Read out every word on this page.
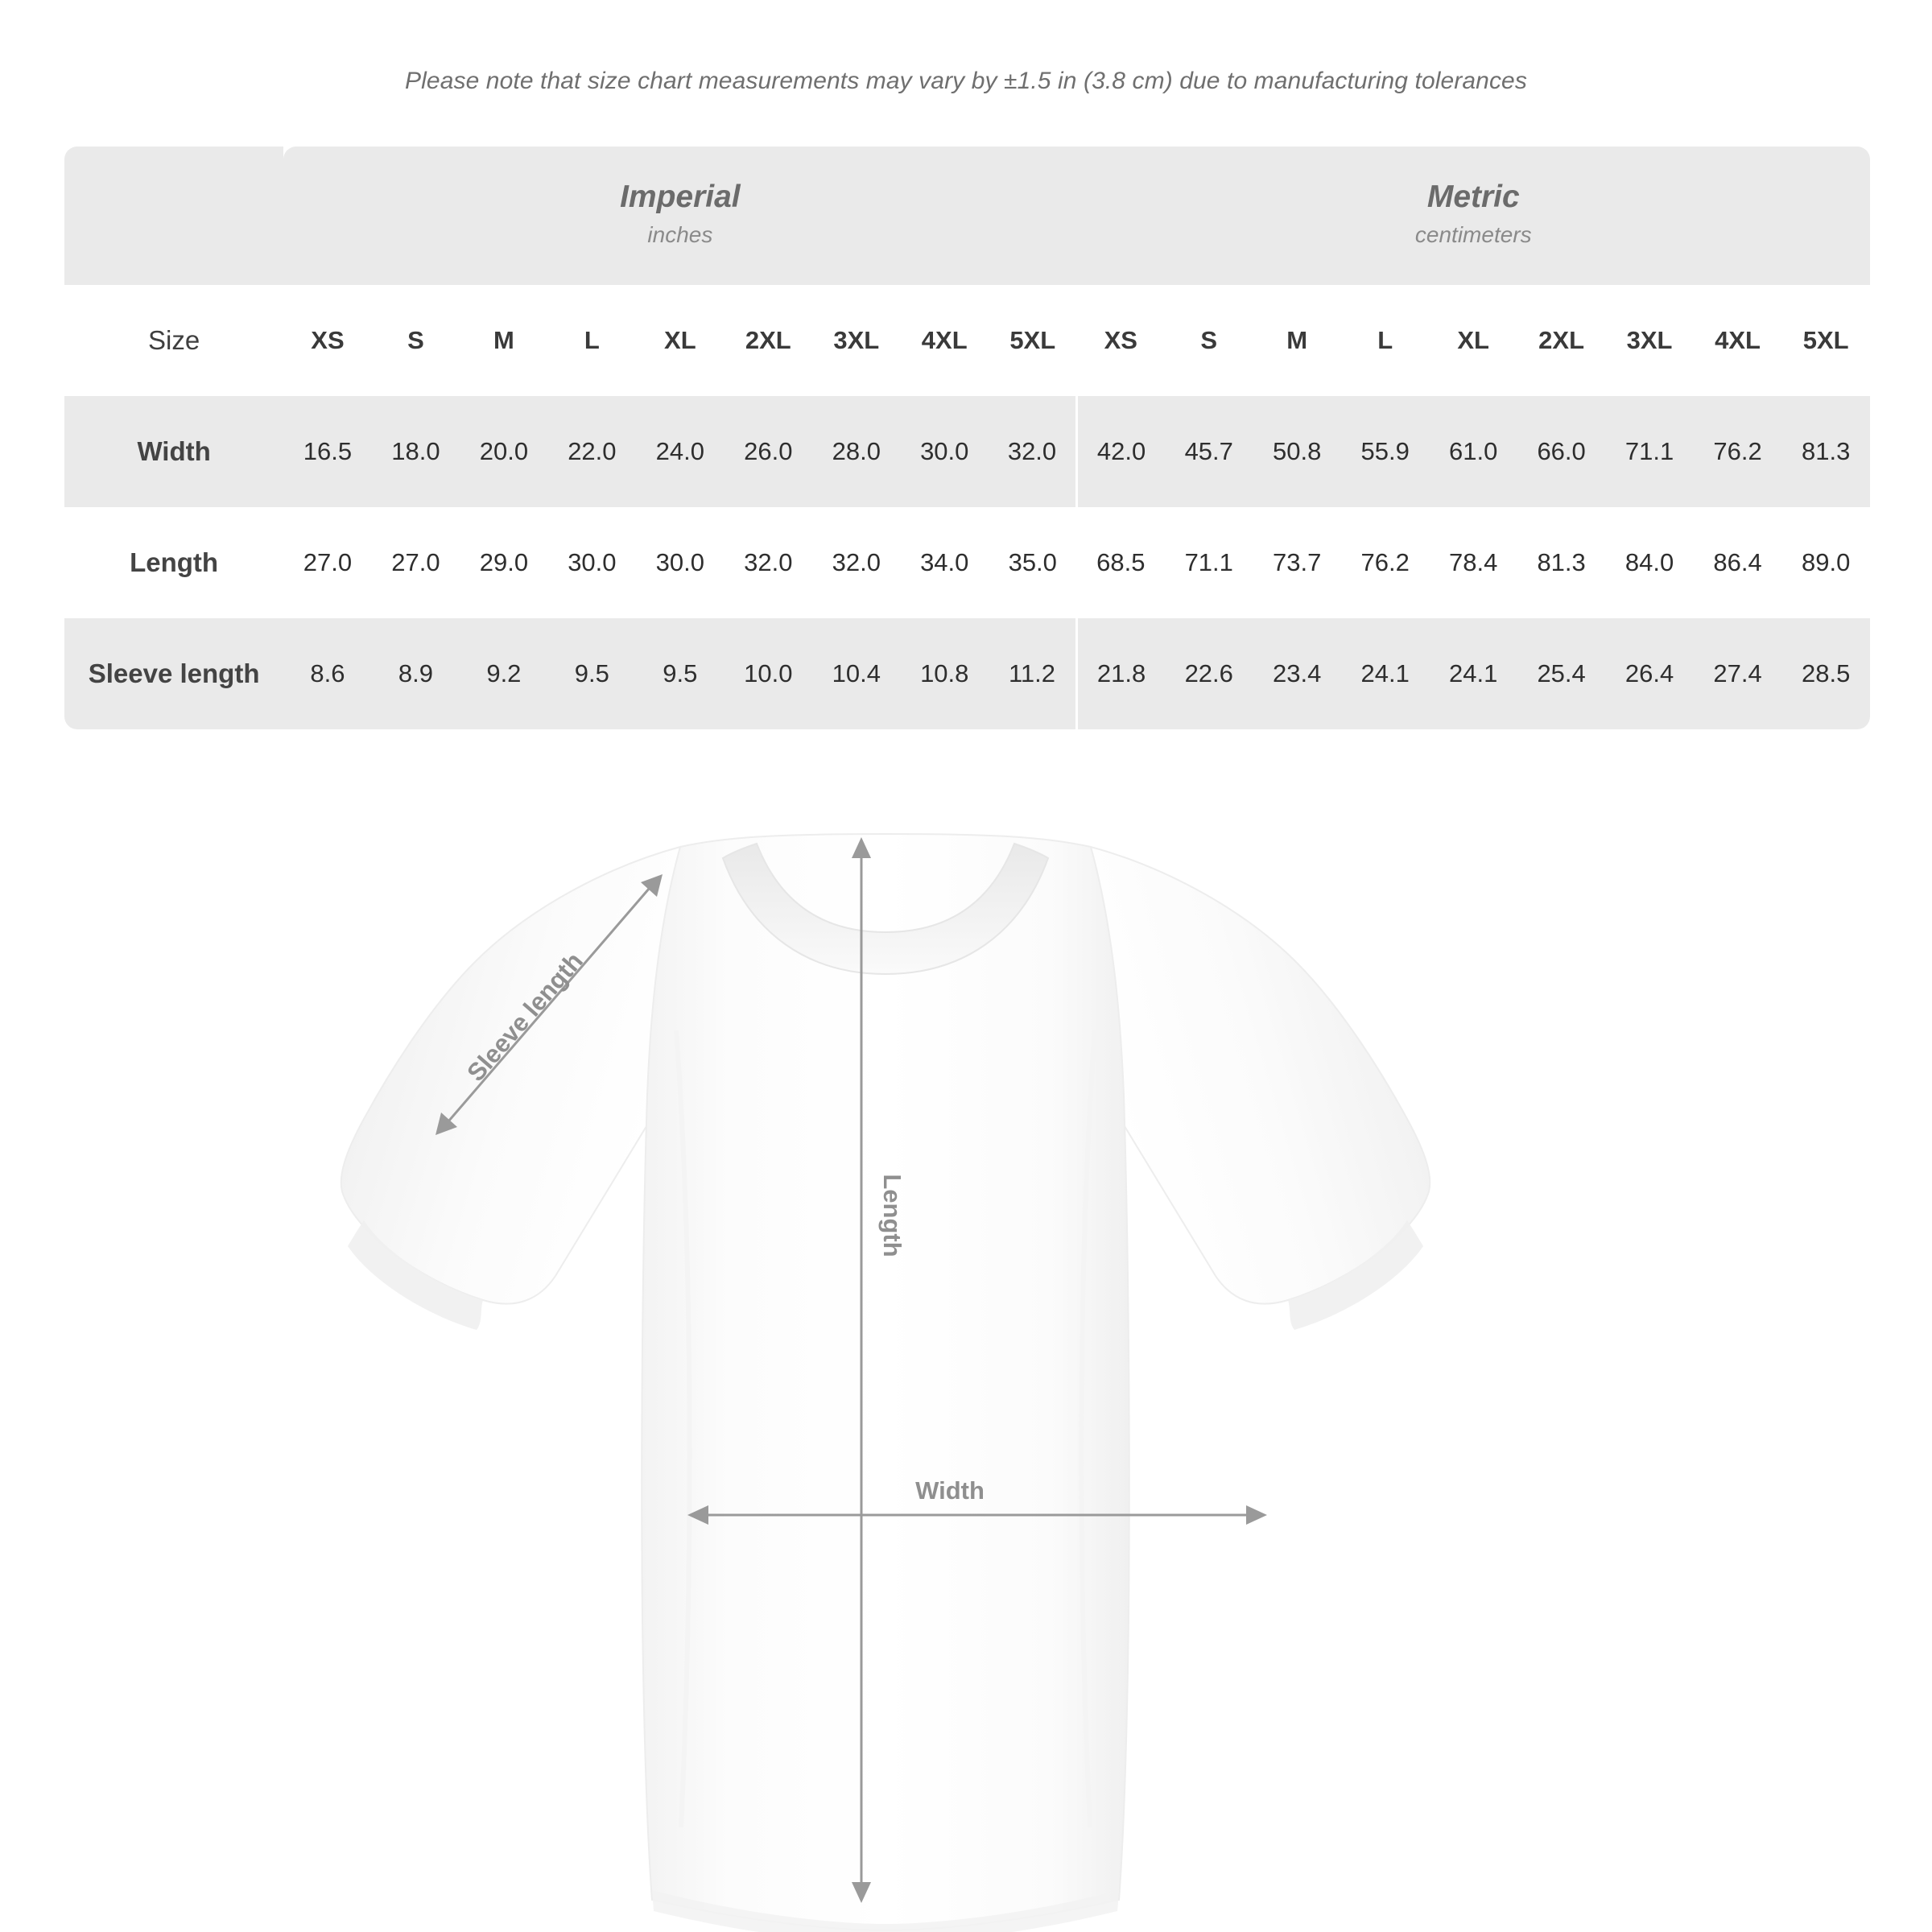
Please note that size chart measurements may vary by ±1.5 in (3.8 cm) due to manufacturing tolerances

Imperial
inches

Metric
centimeters

Size	XS	S	M	L	XL	2XL	3XL	4XL	5XL	XS	S	M	L	XL	2XL	3XL	4XL	5XL
Width	16.5	18.0	20.0	22.0	24.0	26.0	28.0	30.0	32.0	42.0	45.7	50.8	55.9	61.0	66.0	71.1	76.2	81.3
Length	27.0	27.0	29.0	30.0	30.0	32.0	32.0	34.0	35.0	68.5	71.1	73.7	76.2	78.4	81.3	84.0	86.4	89.0
Sleeve length	8.6	8.9	9.2	9.5	9.5	10.0	10.4	10.8	11.2	21.8	22.6	23.4	24.1	24.1	25.4	26.4	27.4	28.5
Width
Length
Sleeve length
